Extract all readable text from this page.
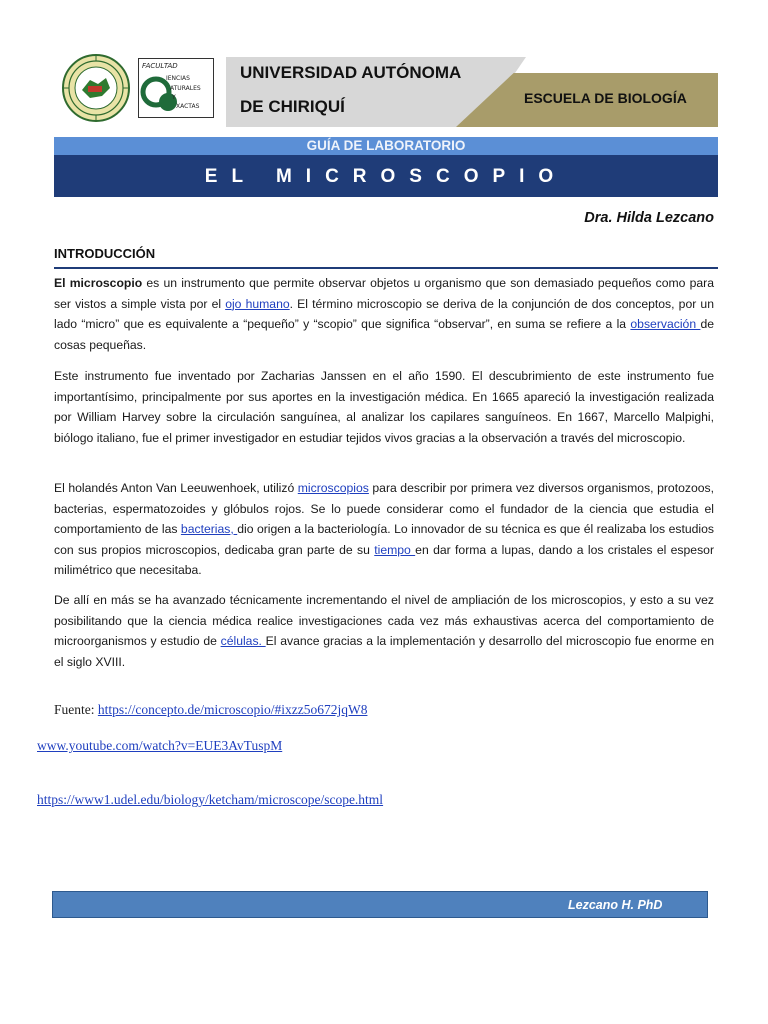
FACULTAD
IENCIAS
ATURALES
Y
XACTAS
UNIVERSIDAD AUTÓNOMA
DE CHIRIQUÍ	ESCUELA DE BIOLOGÍA
GUÍA DE LABORATORIO
EL MICROSCOPIO
Dra. Hilda Lezcano
INTRODUCCIÓN
El microscopio es un instrumento que permite observar objetos u organismo que son demasiado pequeños como para ser vistos a simple vista por el ojo humano. El término microscopio se deriva de la conjunción de dos conceptos, por un lado “micro” que es equivalente a “pequeño” y “scopio” que significa “observar”, en suma se refiere a la observación de cosas pequeñas.
Este instrumento fue inventado por Zacharias Janssen en el año 1590. El descubrimiento de este instrumento fue importantísimo, principalmente por sus aportes en la investigación médica. En 1665 apareció la investigación realizada por William Harvey sobre la circulación sanguínea, al analizar los capilares sanguíneos. En 1667, Marcello Malpighi, biólogo italiano, fue el primer investigador en estudiar tejidos vivos gracias a la observación a través del microscopio.
El holandés Anton Van Leeuwenhoek, utilizó microscopios para describir por primera vez diversos organismos, protozoos, bacterias, espermatozoides y glóbulos rojos. Se lo puede considerar como el fundador de la ciencia que estudia el comportamiento de las bacterias, dio origen a la bacteriología. Lo innovador de su técnica es que él realizaba los estudios con sus propios microscopios, dedicaba gran parte de su tiempo en dar forma a lupas, dando a los cristales el espesor milimétrico que necesitaba.
De allí en más se ha avanzado técnicamente incrementando el nivel de ampliación de los microscopios, y esto a su vez posibilitando que la ciencia médica realice investigaciones cada vez más exhaustivas acerca del comportamiento de microorganismos y estudio de células. El avance gracias a la implementación y desarrollo del microscopio fue enorme en el siglo XVIII.
Fuente: https://concepto.de/microscopio/#ixzz5o672jqW8
www.youtube.com/watch?v=EUE3AvTuspM
https://www1.udel.edu/biology/ketcham/microscope/scope.html
Lezcano H. PhD
